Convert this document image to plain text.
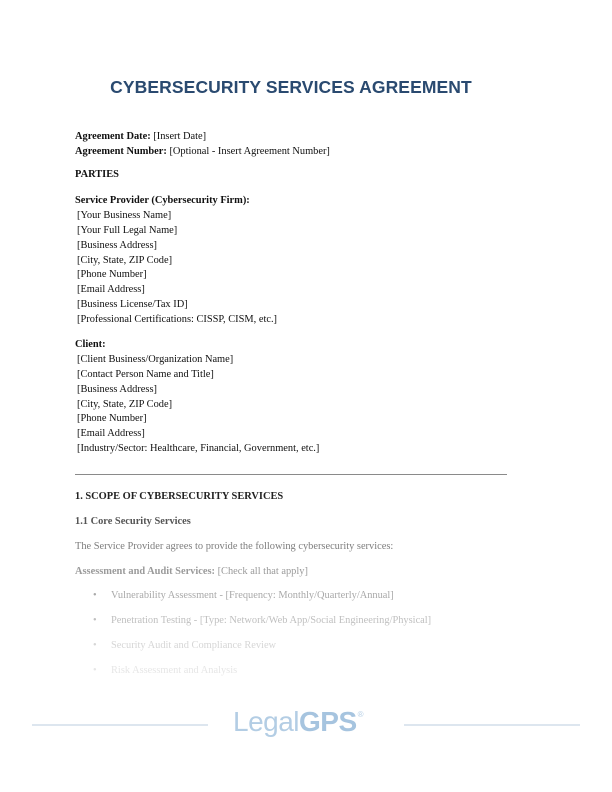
CYBERSECURITY SERVICES AGREEMENT
Agreement Date: [Insert Date]
Agreement Number: [Optional - Insert Agreement Number]
PARTIES
Service Provider (Cybersecurity Firm):
[Your Business Name]
[Your Full Legal Name]
[Business Address]
[City, State, ZIP Code]
[Phone Number]
[Email Address]
[Business License/Tax ID]
[Professional Certifications: CISSP, CISM, etc.]
Client:
[Client Business/Organization Name]
[Contact Person Name and Title]
[Business Address]
[City, State, ZIP Code]
[Phone Number]
[Email Address]
[Industry/Sector: Healthcare, Financial, Government, etc.]
1. SCOPE OF CYBERSECURITY SERVICES
1.1 Core Security Services
The Service Provider agrees to provide the following cybersecurity services:
Assessment and Audit Services: [Check all that apply]
• Vulnerability Assessment - [Frequency: Monthly/Quarterly/Annual]
• Penetration Testing - [Type: Network/Web App/Social Engineering/Physical]
• Security Audit and Compliance Review
• Risk Assessment and Analysis
LegalGPS®
